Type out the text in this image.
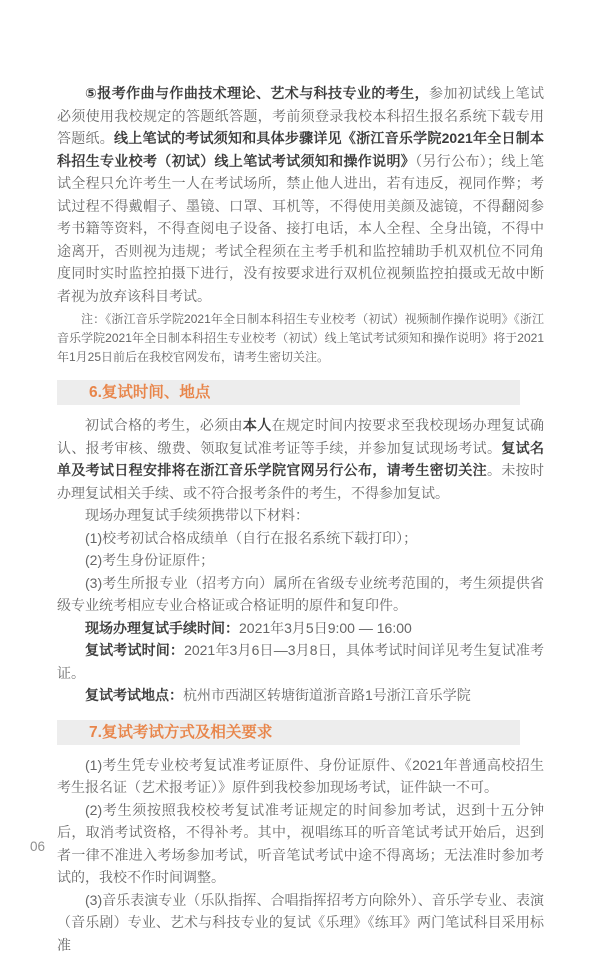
⑤报考作曲与作曲技术理论、艺术与科技专业的考生，参加初试线上笔试必须使用我校规定的答题纸答题，考前须登录我校本科招生报名系统下载专用答题纸。线上笔试的考试须知和具体步骤详见《浙江音乐学院2021年全日制本科招生专业校考（初试）线上笔试考试须知和操作说明》（另行公布）；线上笔试全程只允许考生一人在考试场所，禁止他人进出，若有违反，视同作弊；考试过程不得戴帽子、墨镜、口罩、耳机等，不得使用美颜及滤镜，不得翻阅参考书籍等资料，不得查阅电子设备、接打电话，本人全程、全身出镜，不得中途离开，否则视为违规；考试全程须在主考手机和监控辅助手机双机位不同角度同时实时监控拍摄下进行，没有按要求进行双机位视频监控拍摄或无故中断者视为放弃该科目考试。

注：《浙江音乐学院2021年全日制本科招生专业校考（初试）视频制作操作说明》《浙江音乐学院2021年全日制本科招生专业校考（初试）线上笔试考试须知和操作说明》将于2021年1月25日前后在我校官网发布，请考生密切关注。

6.复试时间、地点

初试合格的考生，必须由本人在规定时间内按要求至我校现场办理复试确认、报考审核、缴费、领取复试准考证等手续，并参加复试现场考试。复试名单及考试日程安排将在浙江音乐学院官网另行公布，请考生密切关注。未按时办理复试相关手续、或不符合报考条件的考生，不得参加复试。

现场办理复试手续须携带以下材料：

(1)校考初试合格成绩单（自行在报名系统下载打印）；

(2)考生身份证原件；

(3)考生所报专业（招考方向）属所在省级专业统考范围的，考生须提供省级专业统考相应专业合格证或合格证明的原件和复印件。

现场办理复试手续时间：2021年3月5日9:00 — 16:00

复试考试时间：2021年3月6日—3月8日，具体考试时间详见考生复试准考证。

复试考试地点：杭州市西湖区转塘街道浙音路1号浙江音乐学院

7.复试考试方式及相关要求

(1)考生凭专业校考复试准考证原件、身份证原件、《2021年普通高校招生考生报名证（艺术报考证）》原件到我校参加现场考试，证件缺一不可。

(2)考生须按照我校校考复试准考证规定的时间参加考试，迟到十五分钟后，取消考试资格，不得补考。其中，视唱练耳的听音笔试考试开始后，迟到者一律不准进入考场参加考试，听音笔试考试中途不得离场；无法准时参加考试的，我校不作时间调整。

(3)音乐表演专业（乐队指挥、合唱指挥招考方向除外）、音乐学专业、表演（音乐剧）专业、艺术与科技专业的复试《乐理》《练耳》两门笔试科目采用标准

06
